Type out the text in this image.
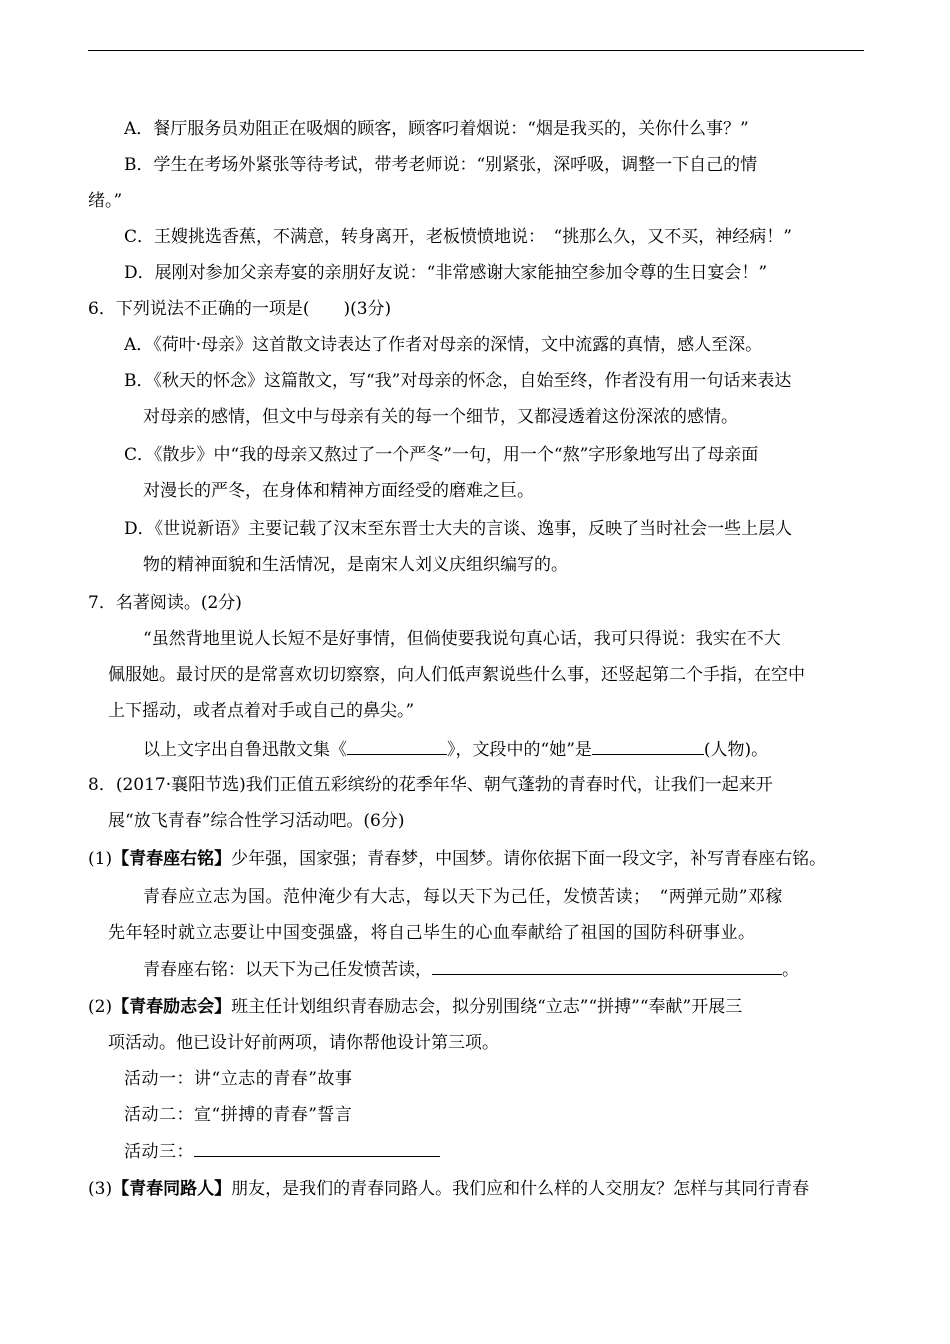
A．餐厅服务员劝阻正在吸烟的顾客，顾客叼着烟说：“烟是我买的，关你什么事？”
B．学生在考场外紧张等待考试，带考老师说：“别紧张，深呼吸，调整一下自己的情
绪。”
C．王嫂挑选香蕉，不满意，转身离开，老板愤愤地说：　“挑那么久，又不买，神经病！”
D．展刚对参加父亲寿宴的亲朋好友说：“非常感谢大家能抽空参加令尊的生日宴会！”
6．下列说法不正确的一项是(　　)(3分)
A．《荷叶·母亲》这首散文诗表达了作者对母亲的深情，文中流露的真情，感人至深。
B．《秋天的怀念》这篇散文，写“我”对母亲的怀念，自始至终，作者没有用一句话来表达
对母亲的感情，但文中与母亲有关的每一个细节，又都浸透着这份深浓的感情。
C．《散步》中“我的母亲又熬过了一个严冬”一句，用一个“熬”字形象地写出了母亲面
对漫长的严冬，在身体和精神方面经受的磨难之巨。
D．《世说新语》主要记载了汉末至东晋士大夫的言谈、逸事，反映了当时社会一些上层人
物的精神面貌和生活情况，是南宋人刘义庆组织编写的。
7．名著阅读。(2分)
“虽然背地里说人长短不是好事情，但倘使要我说句真心话，我可只得说：我实在不大
佩服她。最讨厌的是常喜欢切切察察，向人们低声絮说些什么事，还竖起第二个手指，在空中
上下摇动，或者点着对手或自己的鼻尖。”
以上文字出自鲁迅散文集《	》，文段中的“她”是	(人物)。
8．(2017·襄阳节选)我们正值五彩缤纷的花季年华、朝气蓬勃的青春时代，让我们一起来开
展“放飞青春”综合性学习活动吧。(6分)
(1)【青春座右铭】少年强，国家强；青春梦，中国梦。请你依据下面一段文字，补写青春座右铭。
青春应立志为国。范仲淹少有大志，每以天下为己任，发愤苦读；　“两弹元勋”邓稼
先年轻时就立志要让中国变强盛，将自己毕生的心血奉献给了祖国的国防科研事业。
青春座右铭：以天下为己任发愤苦读，	。
(2)【青春励志会】班主任计划组织青春励志会，拟分别围绕“立志”“拼搏”“奉献”开展三
项活动。他已设计好前两项，请你帮他设计第三项。
活动一：讲“立志的青春”故事
活动二：宣“拼搏的青春”誓言
活动三：
(3)【青春同路人】朋友，是我们的青春同路人。我们应和什么样的人交朋友？怎样与其同行青春
